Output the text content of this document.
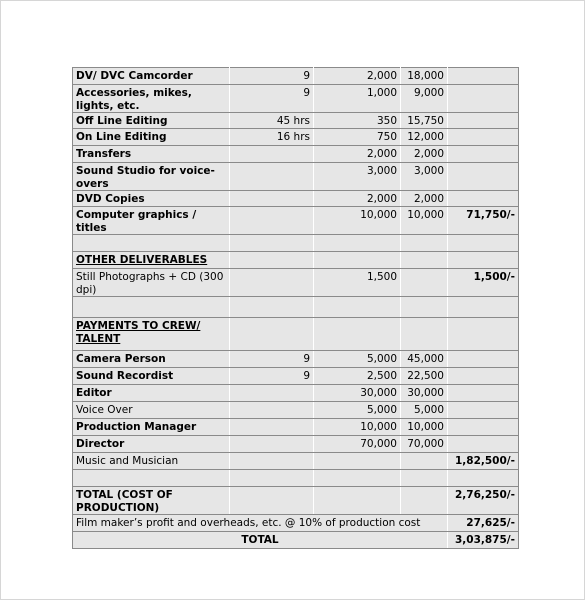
DV/ DVC Camcorder	9	2,000	18,000	
Accessories, mikes, lights, etc.	9	1,000	9,000	
Off Line Editing	45 hrs	350	15,750	
On Line Editing	16 hrs	750	12,000	
Transfers		2,000	2,000	
Sound Studio for voice-overs		3,000	3,000	
DVD Copies		2,000	2,000	
Computer graphics / titles		10,000	10,000	71,750/-

OTHER DELIVERABLES				
Still Photographs + CD (300 dpi)		1,500		1,500/-

PAYMENTS TO CREW/ TALENT				
Camera Person	9	5,000	45,000	
Sound Recordist	9	2,500	22,500	
Editor		30,000	30,000	
Voice Over		5,000	5,000	
Production Manager		10,000	10,000	
Director		70,000	70,000	
Music and Musician				1,82,500/-

TOTAL (COST OF PRODUCTION)				2,76,250/-
Film maker’s profit and overheads, etc. @ 10% of production cost				27,625/-
TOTAL				3,03,875/-
